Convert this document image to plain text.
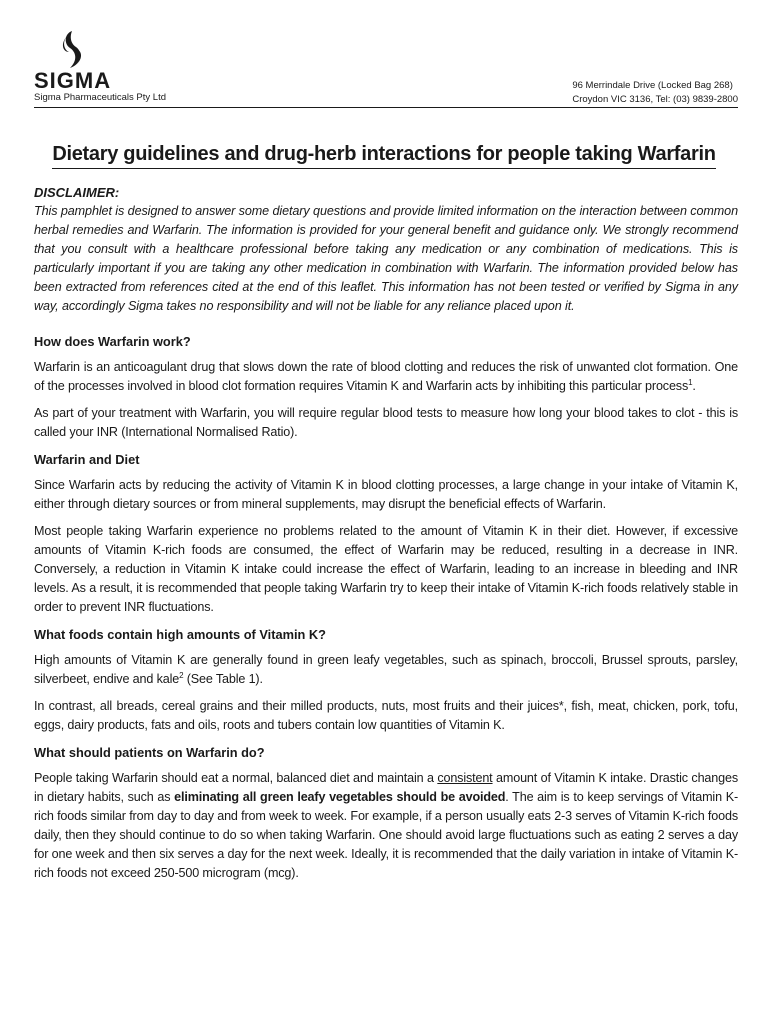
SIGMA
Sigma Pharmaceuticals Pty Ltd
96 Merrindale Drive (Locked Bag 268)
Croydon VIC 3136, Tel: (03) 9839-2800
Dietary guidelines and drug-herb interactions for people taking Warfarin
DISCLAIMER:
This pamphlet is designed to answer some dietary questions and provide limited information on the interaction between common herbal remedies and Warfarin. The information is provided for your general benefit and guidance only. We strongly recommend that you consult with a healthcare professional before taking any medication or any combination of medications. This is particularly important if you are taking any other medication in combination with Warfarin. The information provided below has been extracted from references cited at the end of this leaflet. This information has not been tested or verified by Sigma in any way, accordingly Sigma takes no responsibility and will not be liable for any reliance placed upon it.
How does Warfarin work?

Warfarin is an anticoagulant drug that slows down the rate of blood clotting and reduces the risk of unwanted clot formation. One of the processes involved in blood clot formation requires Vitamin K and Warfarin acts by inhibiting this particular process$^1$.

As part of your treatment with Warfarin, you will require regular blood tests to measure how long your blood takes to clot - this is called your INR (International Normalised Ratio).

Warfarin and Diet

Since Warfarin acts by reducing the activity of Vitamin K in blood clotting processes, a large change in your intake of Vitamin K, either through dietary sources or from mineral supplements, may disrupt the beneficial effects of Warfarin.

Most people taking Warfarin experience no problems related to the amount of Vitamin K in their diet. However, if excessive amounts of Vitamin K-rich foods are consumed, the effect of Warfarin may be reduced, resulting in a decrease in INR. Conversely, a reduction in Vitamin K intake could increase the effect of Warfarin, leading to an increase in bleeding and INR levels. As a result, it is recommended that people taking Warfarin try to keep their intake of Vitamin K-rich foods relatively stable in order to prevent INR fluctuations.

What foods contain high amounts of Vitamin K?

High amounts of Vitamin K are generally found in green leafy vegetables, such as spinach, broccoli, Brussel sprouts, parsley, silverbeet, endive and kale$^2$ (See Table 1).

In contrast, all breads, cereal grains and their milled products, nuts, most fruits and their juices*, fish, meat, chicken, pork, tofu, eggs, dairy products, fats and oils, roots and tubers contain low quantities of Vitamin K.

What should patients on Warfarin do?

People taking Warfarin should eat a normal, balanced diet and maintain a consistent amount of Vitamin K intake. Drastic changes in dietary habits, such as eliminating all green leafy vegetables should be avoided. The aim is to keep servings of Vitamin K-rich foods similar from day to day and from week to week. For example, if a person usually eats 2-3 serves of Vitamin K-rich foods daily, then they should continue to do so when taking Warfarin. One should avoid large fluctuations such as eating 2 serves a day for one week and then six serves a day for the next week. Ideally, it is recommended that the daily variation in intake of Vitamin K-rich foods not exceed 250-500 microgram (mcg).
